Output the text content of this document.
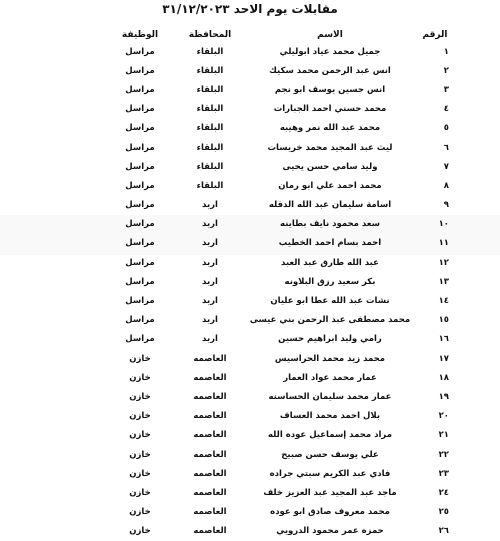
مقابلات يوم الاحد ٣١/١٢/٢٠٢٣
الرقم	الاسم	المحافظة	الوظيفة
١	جميل محمد عياد ابوليلي	البلقاء	مراسل
٢	انس عبد الرحمن محمد سكيك	البلقاء	مراسل
٣	انس حسين يوسف ابو نجم	البلقاء	مراسل
٤	محمد حسني احمد الجبارات	البلقاء	مراسل
٥	محمد عبد الله نمر وهيبه	البلقاء	مراسل
٦	ليث عبد المجيد محمد خريسات	البلقاء	مراسل
٧	وليد سامي حسن يحيى	البلقاء	مراسل
٨	محمد احمد علي ابو رمان	البلقاء	مراسل
٩	اسامة سليمان عبد الله الدقله	اربد	مراسل
١٠	سعد محمود نايف بطاينه	اربد	مراسل
١١	احمد بسام احمد الخطيب	اربد	مراسل
١٢	عبد الله طارق عبد العبد	اربد	مراسل
١٣	بكر سعيد رزق البلاونه	اربد	مراسل
١٤	نشات عبد الله عطا ابو عليان	اربد	مراسل
١٥	محمد مصطفى عبد الرحمن بني عيسى	اربد	مراسل
١٦	رامي وليد ابراهيم حسين	اربد	مراسل
١٧	محمد زيد محمد الحراسيس	العاصمه	خازن
١٨	عمار محمد عواد العمار	العاصمه	خازن
١٩	عمار محمد سليمان الحساسنه	العاصمه	خازن
٢٠	بلال احمد محمد العساف	العاصمه	خازن
٢١	مراد محمد إسماعيل عوده الله	العاصمه	خازن
٢٢	علي يوسف حسن صبيح	العاصمه	خازن
٢٣	فادي عبد الكريم سبتي جراده	العاصمه	خازن
٢٤	ماجد عبد المجيد عبد العزيز خلف	العاصمه	خازن
٢٥	محمد معروف صادق ابو عوده	العاصمه	خازن
٢٦	حمزه عمر محمود الدرويي	العاصمه	خازن
